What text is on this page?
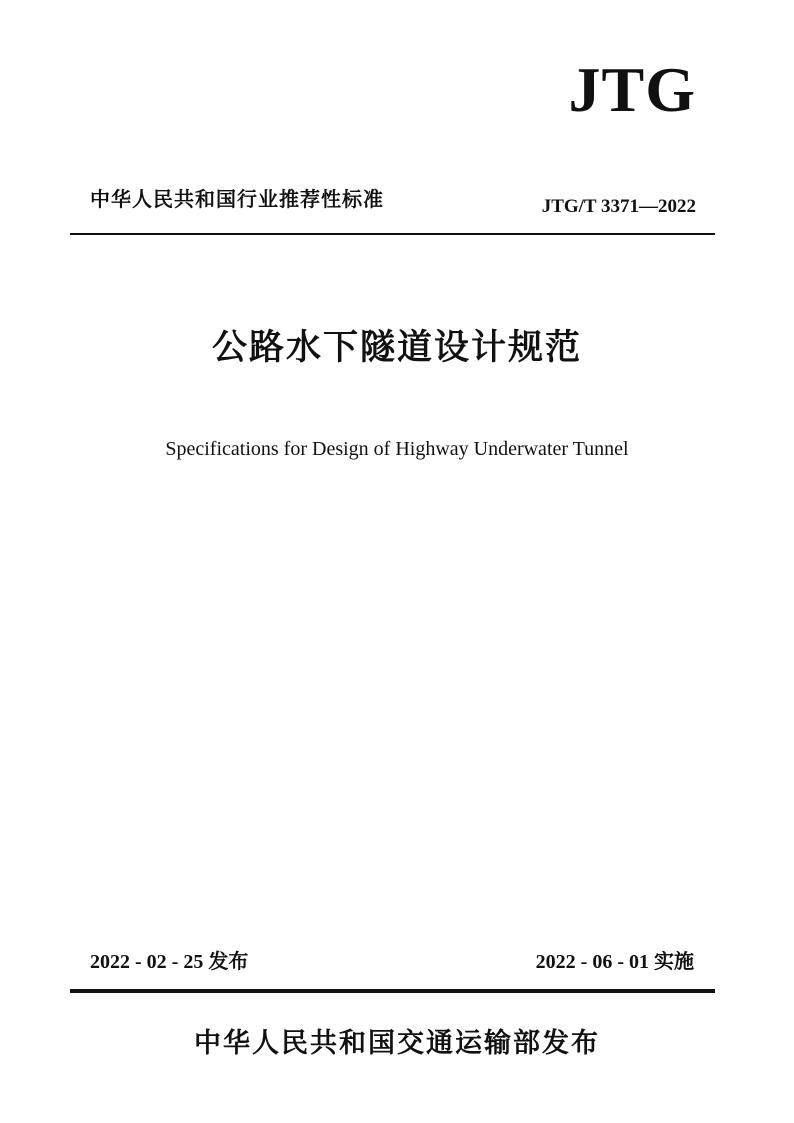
JTG
中华人民共和国行业推荐性标准	JTG/T 3371—2022
公路水下隧道设计规范

Specifications for Design of Highway Underwater Tunnel

2022 - 02 - 25 发布	2022 - 06 - 01 实施
中华人民共和国交通运输部发布
